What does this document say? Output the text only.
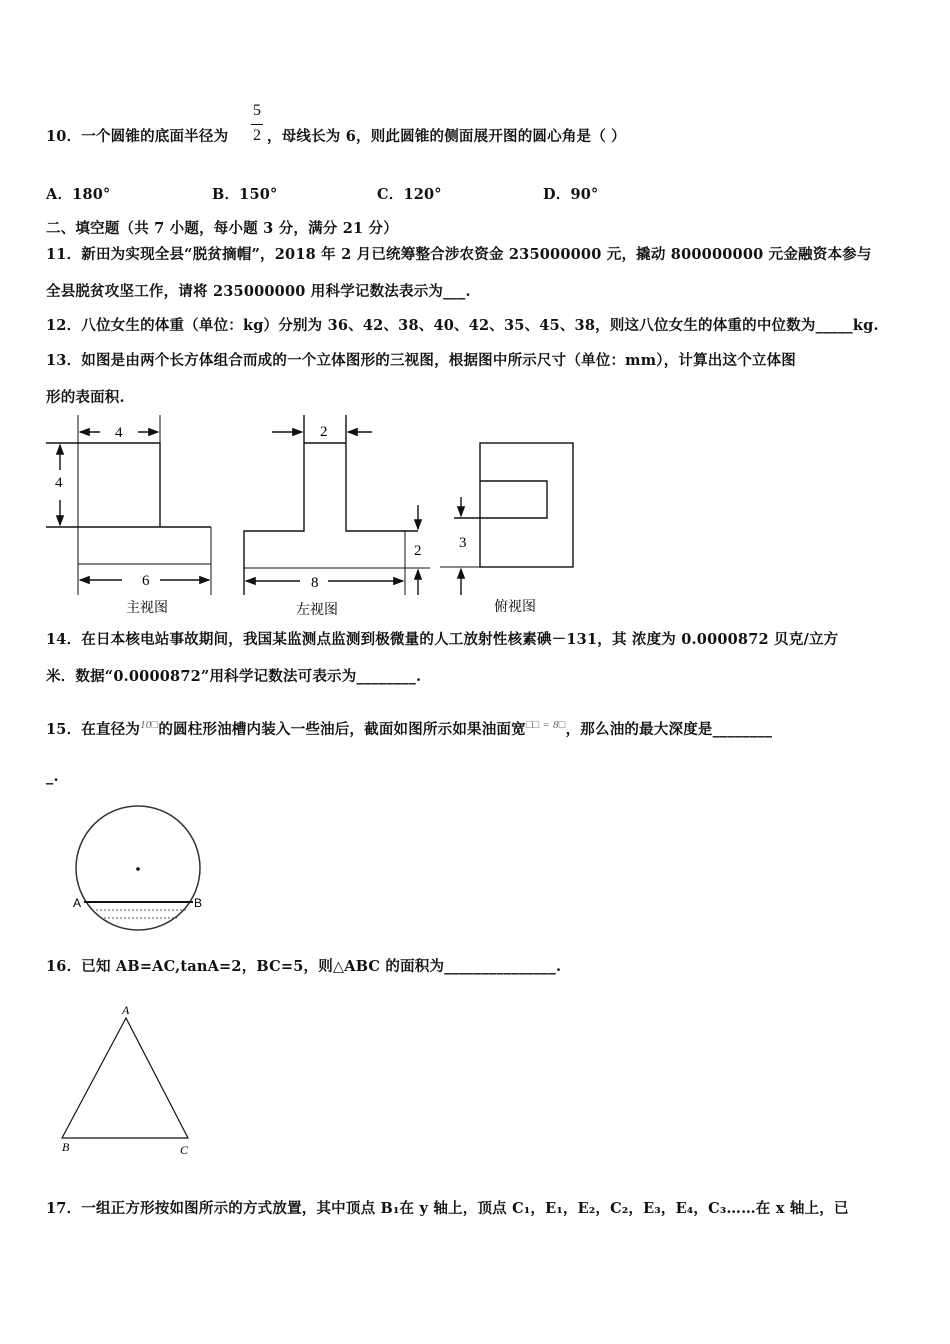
5
2
10．一个圆锥的底面半径为	，母线长为 6，则此圆锥的侧面展开图的圆心角是（ ）
A．180°	B．150°	C．120°	D．90°
二、填空题（共 7 小题，每小题 3 分，满分 21 分）
11．新田为实现全县“脱贫摘帽”，2018 年 2 月已统筹整合涉农资金 235000000 元，撬动 800000000 元金融资本参与
全县脱贫攻坚工作，请将 235000000 用科学记数法表示为___.
12．八位女生的体重（单位：kg）分别为 36、42、38、40、42、35、45、38，则这八位女生的体重的中位数为_____kg.
13．如图是由两个长方体组合而成的一个立体图形的三视图，根据图中所示尺寸（单位：mm），计算出这个立体图
形的表面积.
4
4
6
主视图
2
8
2
左视图
3
俯视图
A	B
A
B	C
14．在日本核电站事故期间，我国某监测点监测到极微量的人工放射性核素碘－131，其 浓度为 0.0000872 贝克/立方
米．数据“0.0000872”用科学记数法可表示为________.
15．在直径为$^{10□}$的圆柱形油槽内装入一些油后，截面如图所示如果油面宽$^{□□ = 8□}$，那么油的最大深度是________
_.
16．已知 AB=AC,tanA=2，BC=5，则△ABC 的面积为_______________.
17．一组正方形按如图所示的方式放置，其中顶点 B₁在 y 轴上，顶点 C₁，E₁，E₂，C₂，E₃，E₄，C₃……在 x 轴上，已
